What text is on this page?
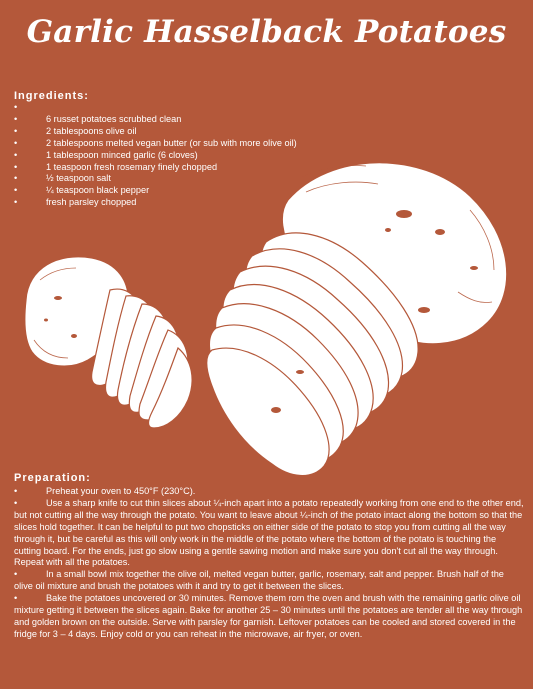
Garlic Hasselback Potatoes
Ingredients:
•
• 6 russet potatoes scrubbed clean
• 2 tablespoons olive oil
• 2 tablespoons melted vegan butter (or sub with more olive oil)
• 1 tablespoon minced garlic (6 cloves)
• 1 teaspoon fresh rosemary finely chopped
• ½ teaspoon salt
• ¼ teaspoon black pepper
• fresh parsley chopped
Preparation:
• Preheat your oven to 450°F (230°C).
• Use a sharp knife to cut thin slices about ¼-inch apart into a potato repeatedly working from one end to the other end, but not cutting all the way through the potato. You want to leave about ¼-inch of the potato intact along the bottom so that the slices hold together. It can be helpful to put two chopsticks on either side of the potato to stop you from cutting all the way through it, but be careful as this will only work in the middle of the potato where the bottom of the potato is touching the cutting board. For the ends, just go slow using a gentle sawing motion and make sure you don't cut all the way through. Repeat with all the potatoes.
• In a small bowl mix together the olive oil, melted vegan butter, garlic, rosemary, salt and pepper. Brush half of the olive oil mixture and brush the potatoes with it and try to get it between the slices.
• Bake the potatoes uncovered or 30 minutes. Remove them rom the oven and brush with the remaining garlic olive oil mixture getting it between the slices again. Bake for another 25 – 30 minutes until the potatoes are tender all the way through and golden brown on the outside. Serve with parsley for garnish. Leftover potatoes can be cooled and stored covered in the fridge for 3 – 4 days. Enjoy cold or you can reheat in the microwave, air fryer, or oven.
